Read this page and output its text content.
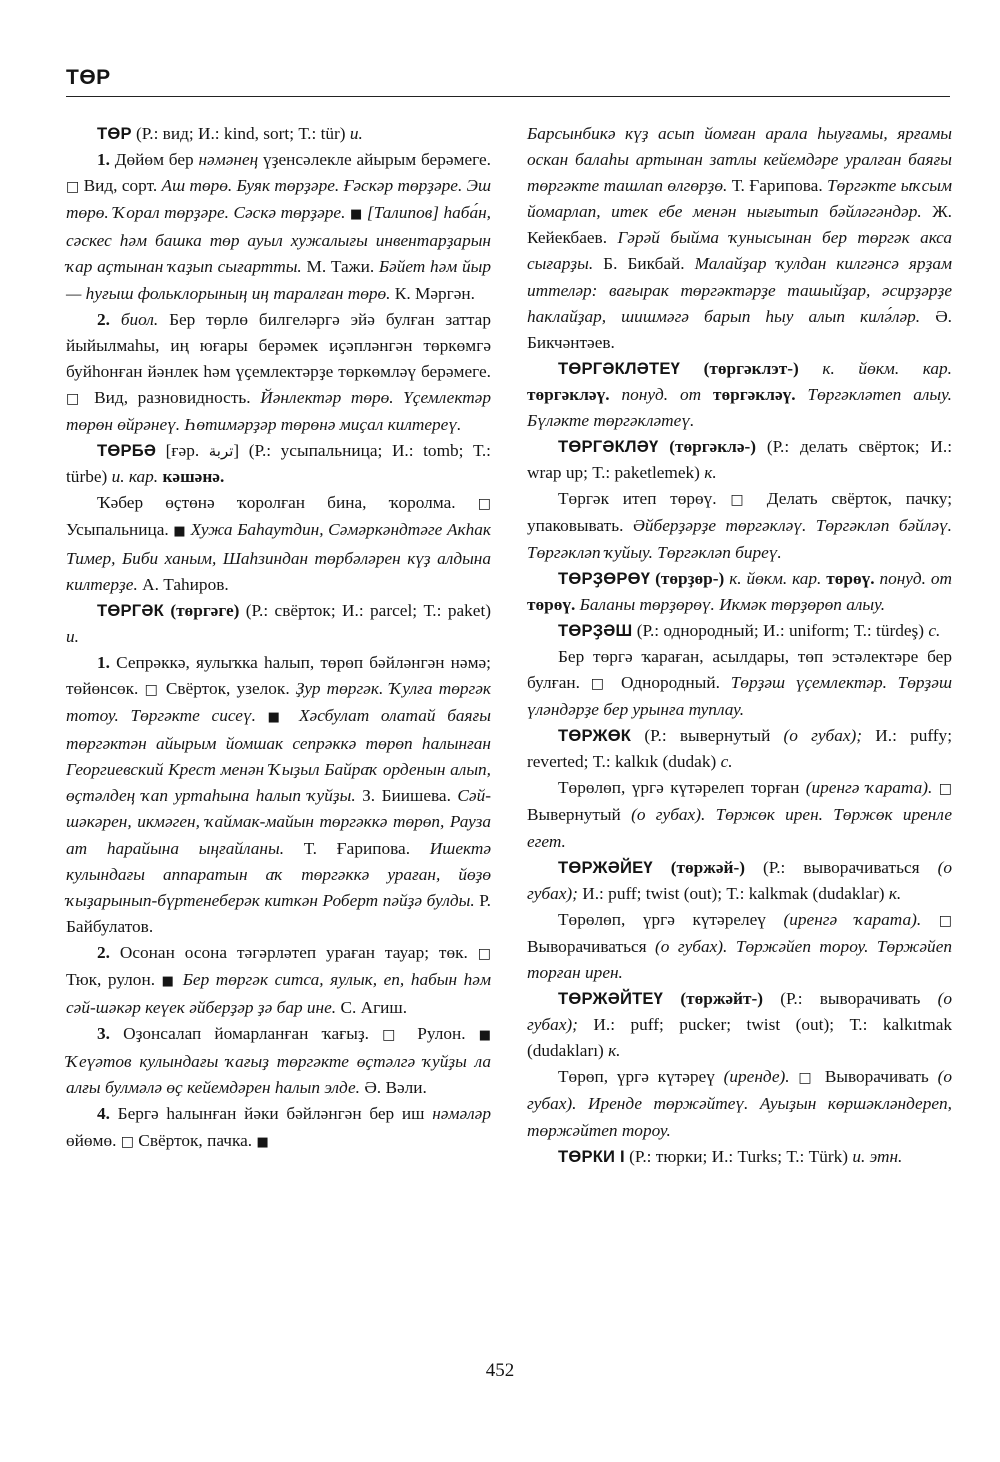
ТӨР

ТӨР (Р.: вид; И.: kind, sort; Т.: tür) и.

1. Дөйөм бер нәмәнең үҙенсәлекле айырым берәмеге. □ Вид, сорт. Аш төрө. Буяк төрҙәре. Ғәскәр төрҙәре. Эш төрө. Ҡорал төрҙәре. Сәскә төрҙәре. ■ [Талипов] һаба́н, сәскес һәм башка төр ауыл хужалығы инвентарҙарын ҡар аҫтынан ҡаҙып сығартты. М. Тажи. Бәйет һәм йыр — һуғыш фольклорының иң таралған төрө. К. Мәргән.

2. биол. Бер төрлө билгеләргә эйә булған заттар йыйылмаһы, иң юғары берәмек иҫәпләнгән төркөмгә буйһонған йәнлек һәм үҫемлектәрҙе төркөмләү берәмеге. □ Вид, разновидность. Йәнлектәр төрө. Үҫемлектәр төрөн өйрәнеү. Һөтимәрҙәр төрөнә миҫал килтереү.

ТӨРБӘ [ғәр. تربة] (Р.: усыпальница; И.: tomb; Т.: türbe) и. кар. кәшәнә.

Ҡәбер өҫтөнә ҡоролған бина, ҡоролма. □ Усыпальница. ■ Хужа Баһаутдин, Сәмәркәндтәге Акһак Тимер, Биби ханым, Шаһзиндан төрбәләрен күҙ алдына килтерҙе. А. Таһиров.

ТӨРГӘК (төргәге) (Р.: свёрток; И.: parcel; Т.: paket) и.

1. Сепрәккә, яулыҡка һалып, төрөп бәйләнгән нәмә; төйөнсөк. □ Свёрток, узелок. Ҙур төргәк. Ҡулға төргәк тотоу. Төргәкте сисеү. ■ Хәсбулат олатай баяғы төргәктән айырым йомшак сепрәккә төрөп һалынған Георгиевский Крест менән Ҡыҙыл Байраҡ орденын алып, өҫтәлдең ҡап уртаһына һалып ҡуйҙы. З. Биишева. Сәй-шәкәрен, икмәген, ҡаймак-майын төргәккә төрөп, Рауза ат һарайына ыңғайланы. Т. Ғарипова. Ишектә кулындағы аппаратын аҡ төргәккә ураған, йөҙө ҡыҙарынып-бүртенеберәк киткән Роберт пәйҙә булды. Р. Байбулатов.

2. Осонан осона тәгәрләтеп ураған тауар; төк. □ Тюк, рулон. ■ Бер төргәк ситса, яулык, еп, һабын һәм сәй-шәкәр кеүек әйберҙәр ҙә бар ине. С. Агиш.

3. Оҙонсалап йомарланған ҡағыҙ. □ Рулон. ■ Ҡеүәтов кулындағы ҡағыҙ төргәкте өҫтәлгә ҡуйҙы ла алғы булмәлә өҫ кейемдәрен һалып элде. Ә. Вәли.

4. Бергә һалынған йәки бәйләнгән бер иш нәмәләр өйөмө. □ Свёрток, пачка. ■

Барсынбикә күҙ асып йомған арала һыуғамы, ярғамы оскан балаһы артынан затлы кейемдәре уралған баяғы төргәкте ташлап өлгөрҙө. Т. Ғарипова. Төргәкте ыҡсым йомарлап, итек ебе менән нығытып бәйләгәндәр. Ж. Кейекбаев. Гәрәй быйма ҡунысынан бер төргәк акса сығарҙы. Б. Бикбай. Малайҙар ҡулдан килгәнсә ярҙам иттеләр: вағырак төргәктәрҙе ташыйҙар, әсирҙәрҙе һаклайҙар, шишмәгә барып һыу алып килә́ләр. Ә. Бикчәнтәев.

ТӨРГӘКЛӘТЕҮ (төргәклэт-) к. йөкм. кар. төргәкләү. понуд. от төргәкләү. Төргәкләтеп алыу. Бүләкте төргәкләтеү.

ТӨРГӘКЛӘҮ (төргәклә-) (Р.: делать свёрток; И.: wrap up; Т.: paketlemek) к.

Төргәк итеп төрөү. □ Делать свёрток, пачку; упаковывать. Әйберҙәрҙе төргәкләү. Төргәкләп бәйләү. Төргәкләп ҡуйыу. Төргәкләп биреү.

ТӨРҘӨРӨҮ (төрҙөр-) к. йөкм. кар. төрөү. понуд. от төрөү. Баланы төрҙөрөү. Икмәк төрҙөрөп алыу.

ТӨРҘӘШ (Р.: однородный; И.: uniform; Т.: türdeş) с.

Бер төргә ҡараған, асылдары, төп эстәлектәре бер булған. □ Однородный. Төрҙәш үҫемлектәр. Төрҙәш үләндәрҙе бер урынға туплау.

ТӨРЖӨК (Р.: вывернутый (о губах); И.: puffy; reverted; Т.: kalkık (dudak) с.

Төрөлөп, үргә күтәрелеп торған (иренгә ҡарата). □ Вывернутый (о губах). Төржөк ирен. Төржөк иренле егет.

ТӨРЖӘЙЕҮ (төржәй-) (Р.: выворачиваться (о губах); И.: puff; twist (out); Т.: kalkmak (dudaklar) к.

Төрөлөп, үргә күтәрелеү (иренгә ҡарата). □ Выворачиваться (о губах). Төржәйеп тороу. Төржәйеп торған ирен.

ТӨРЖӘЙТЕҮ (төржәйт-) (Р.: выворачивать (о губах); И.: puff; pucker; twist (out); Т.: kalkıtmak (dudakları) к.

Төрөп, үргә күтәреү (иренде). □ Выворачивать (о губах). Иренде төржәйтеү. Ауыҙын көршәкләндереп, төржәйтеп тороу.

ТӨРКИ I (Р.: тюрки; И.: Turks; Т.: Türk) и. этн.

452
